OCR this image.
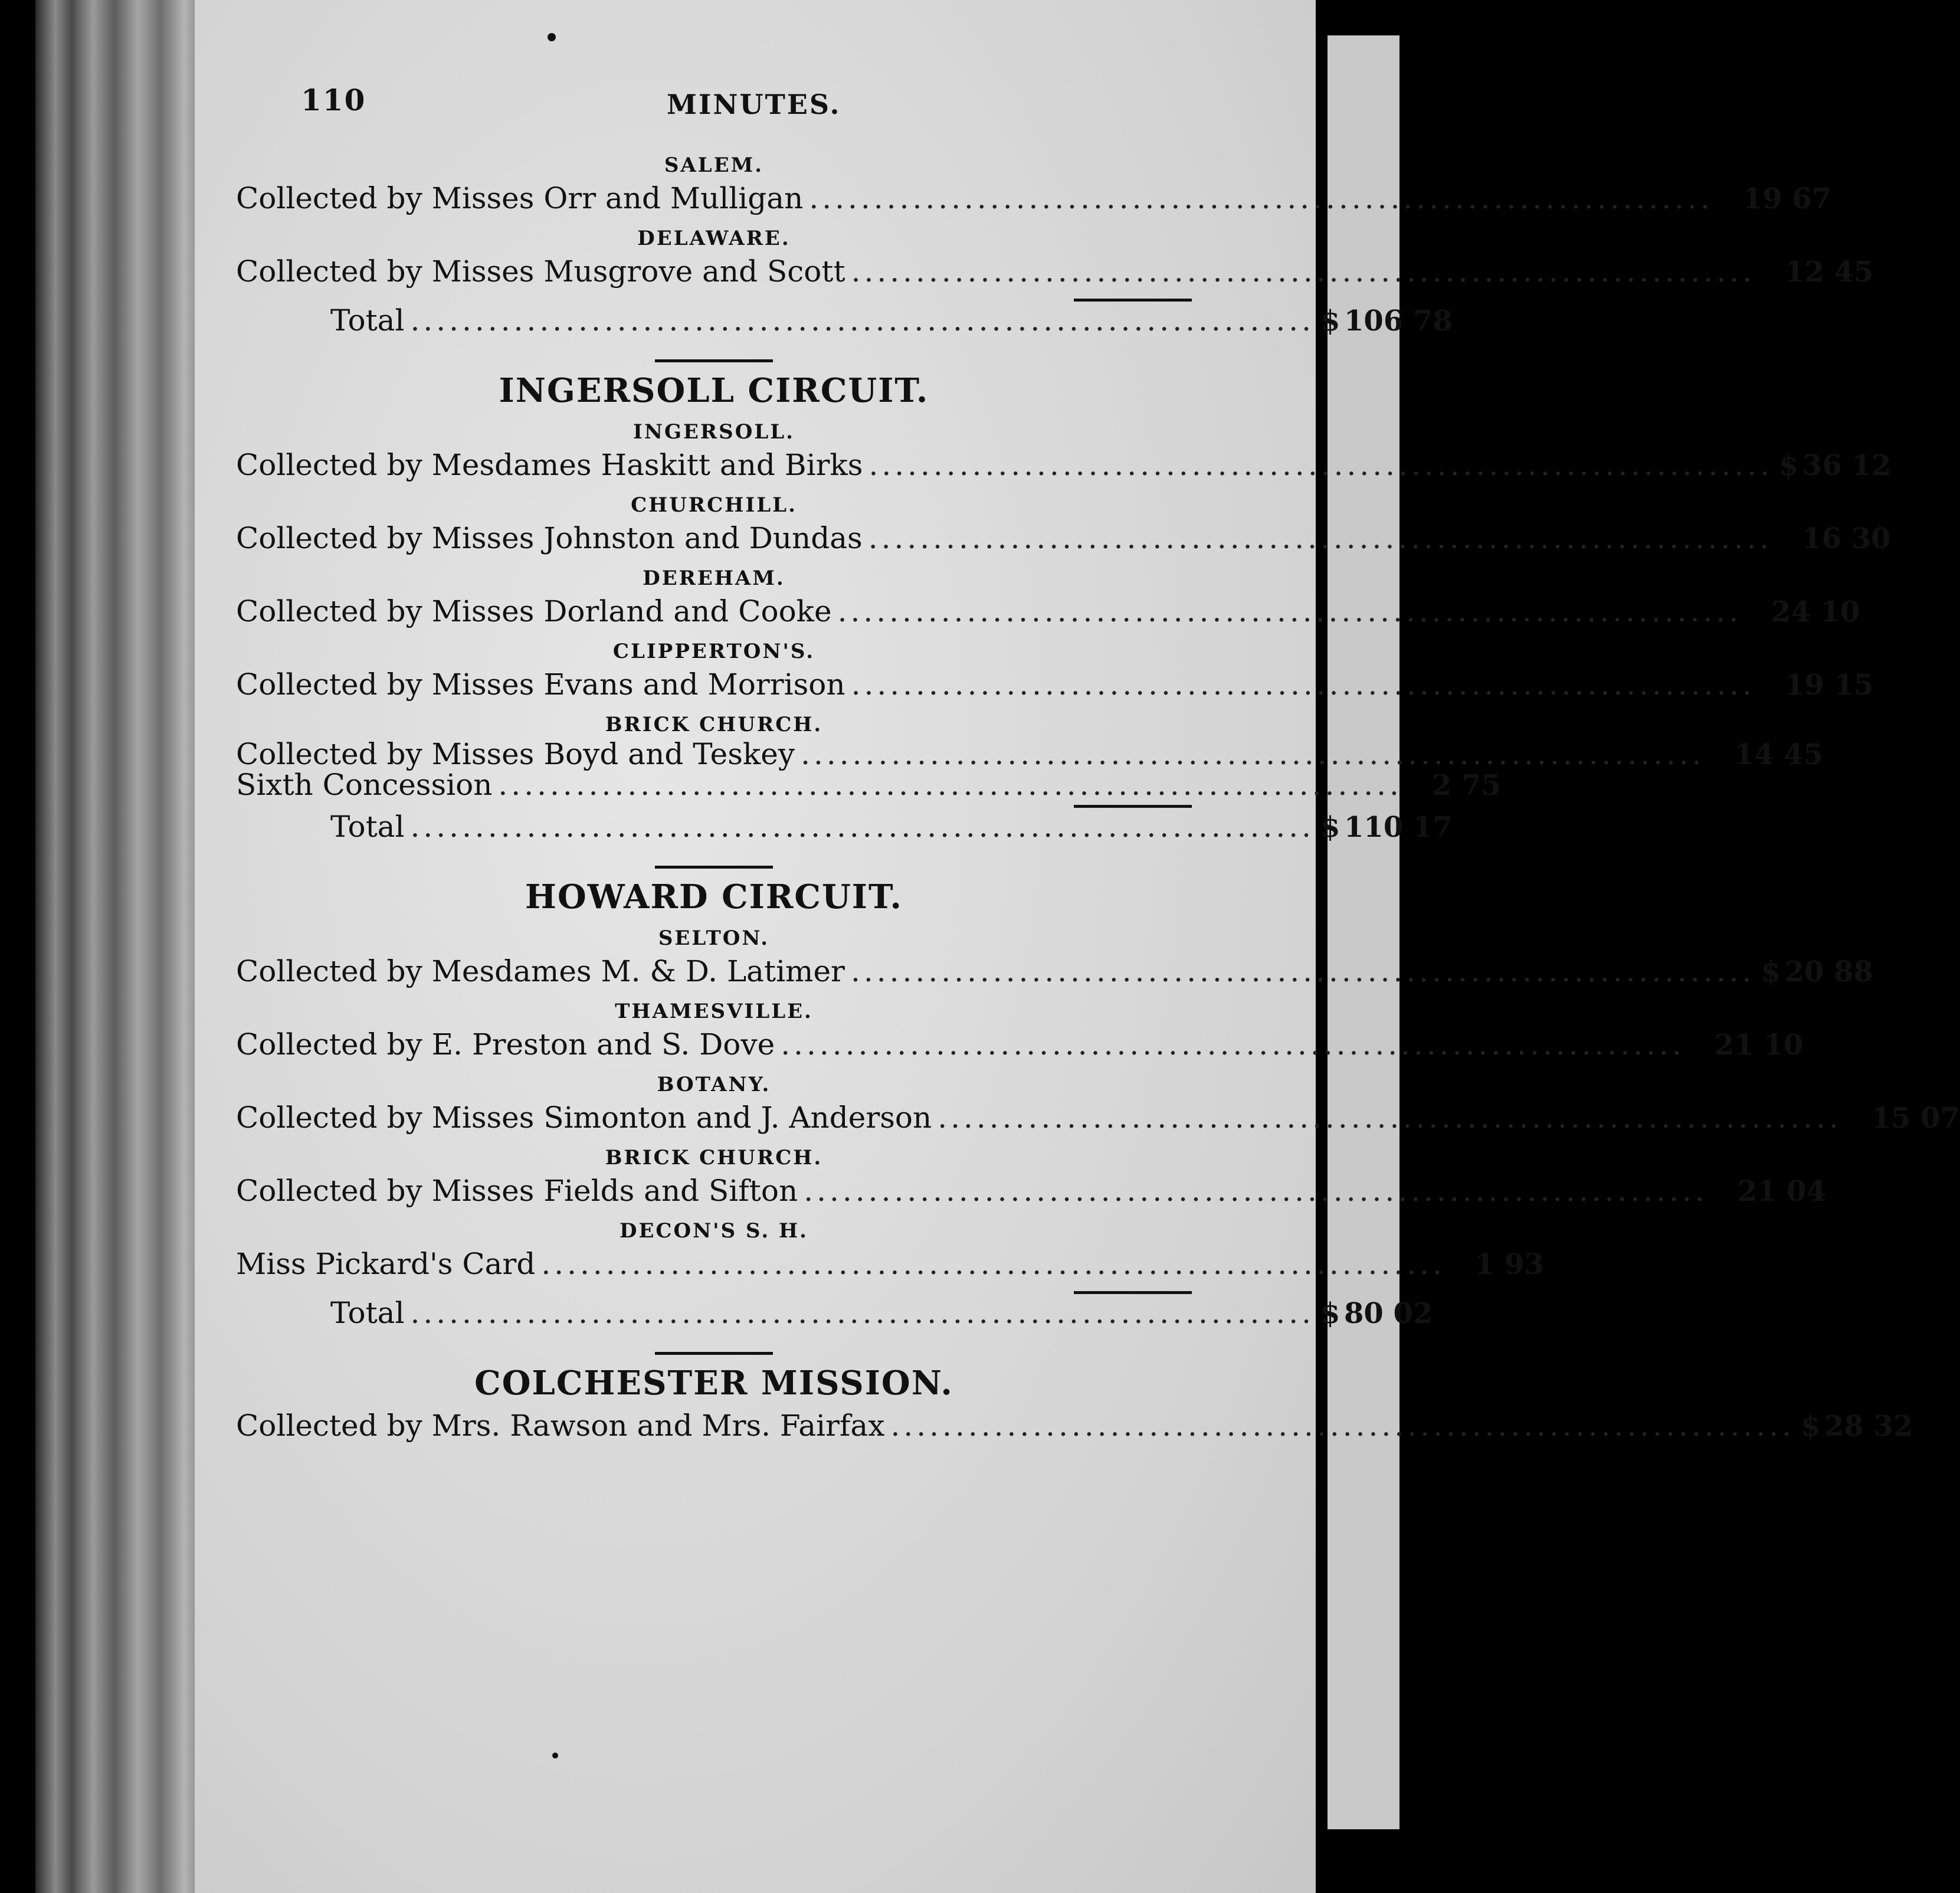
110	MINUTES.
SALEM.
Collected by Misses Orr and Mulligan ......................................................................	19 67
DELAWARE.
Collected by Misses Musgrove and Scott ......................................................................	12 45
Total ...................................................................... $ 106 78
INGERSOLL CIRCUIT.
INGERSOLL.
Collected by Mesdames Haskitt and Birks ...................................................................... $ 36 12
CHURCHILL.
Collected by Misses Johnston and Dundas ......................................................................	16 30
DEREHAM.
Collected by Misses Dorland and Cooke ......................................................................	24 10
CLIPPERTON'S.
Collected by Misses Evans and Morrison ......................................................................	19 15
BRICK CHURCH.
Collected by Misses Boyd and Teskey ......................................................................	14 45
Sixth Concession ......................................................................	2 75
Total ...................................................................... $ 110 17
HOWARD CIRCUIT.
SELTON.
Collected by Mesdames M. & D. Latimer ...................................................................... $ 20 88
THAMESVILLE.
Collected by E. Preston and S. Dove ......................................................................	21 10
BOTANY.
Collected by Misses Simonton and J. Anderson ......................................................................	15 07
BRICK CHURCH.
Collected by Misses Fields and Sifton ......................................................................	21 04
DECON'S S. H.
Miss Pickard's Card ......................................................................	1 93
Total ...................................................................... $ 80 02
COLCHESTER MISSION.
Collected by Mrs. Rawson and Mrs. Fairfax ...................................................................... $ 28 32
